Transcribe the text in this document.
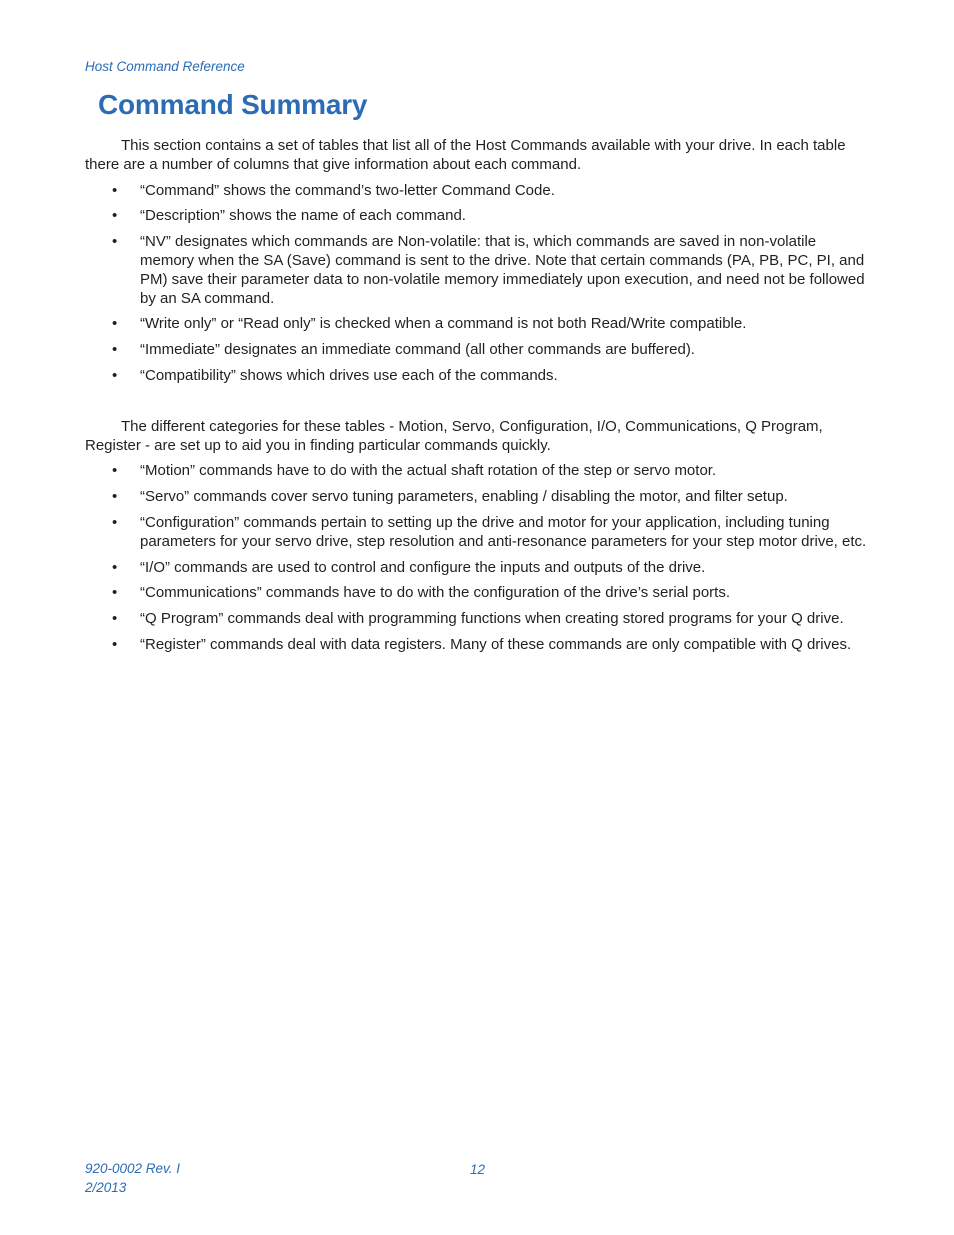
Host Command Reference
Command Summary

This section contains a set of tables that list all of the Host Commands available with your drive. In each table there are a number of columns that give information about each command.

• “Command” shows the command’s two-letter Command Code.
• “Description” shows the name of each command.
• “NV” designates which commands are Non-volatile: that is, which commands are saved in non-volatile memory when the SA (Save) command is sent to the drive. Note that certain commands (PA, PB, PC, PI, and PM) save their parameter data to non-volatile memory immediately upon execution, and need not be followed by an SA command.
• “Write only” or “Read only” is checked when a command is not both Read/Write compatible.
• “Immediate” designates an immediate command (all other commands are buffered).
• “Compatibility” shows which drives use each of the commands.

The different categories for these tables - Motion, Servo, Configuration, I/O, Communications, Q Program, Register - are set up to aid you in finding particular commands quickly.

• “Motion” commands have to do with the actual shaft rotation of the step or servo motor.
• “Servo” commands cover servo tuning parameters, enabling / disabling the motor, and filter setup.
• “Configuration” commands pertain to setting up the drive and motor for your application, including tuning parameters for your servo drive, step resolution and anti-resonance parameters for your step motor drive, etc.
• “I/O” commands are used to control and configure the inputs and outputs of the drive.
• “Communications” commands have to do with the configuration of the drive’s serial ports.
• “Q Program” commands deal with programming functions when creating stored programs for your Q drive.
• “Register” commands deal with data registers. Many of these commands are only compatible with Q drives.
920-0002 Rev. I
2/2013
12
